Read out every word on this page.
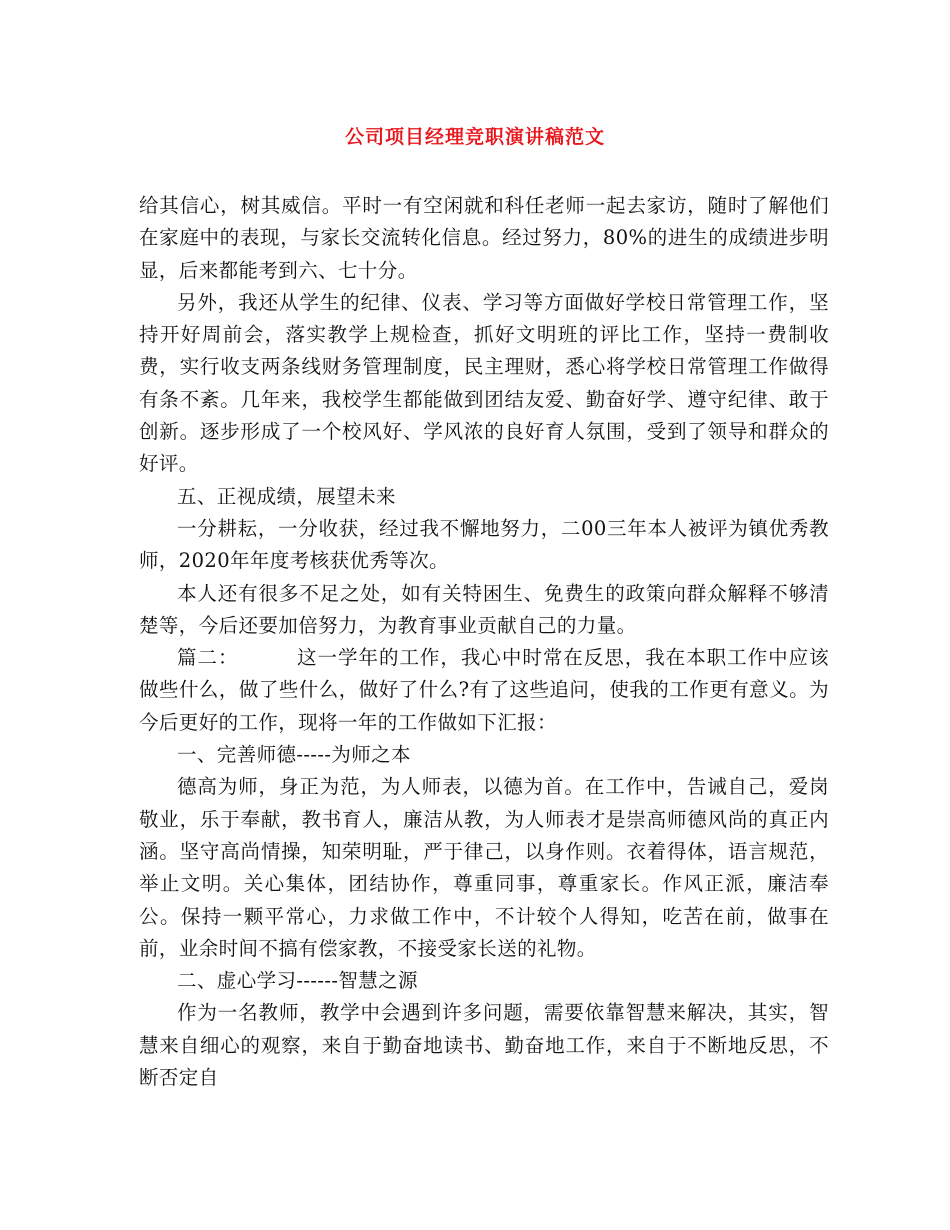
公司项目经理竞职演讲稿范文

给其信心，树其威信。平时一有空闲就和科任老师一起去家访，随时了解他们在家庭中的表现，与家长交流转化信息。经过努力，80%的进生的成绩进步明显，后来都能考到六、七十分。

另外，我还从学生的纪律、仪表、学习等方面做好学校日常管理工作，坚持开好周前会，落实教学上规检查，抓好文明班的评比工作，坚持一费制收费，实行收支两条线财务管理制度，民主理财，悉心将学校日常管理工作做得有条不紊。几年来，我校学生都能做到团结友爱、勤奋好学、遵守纪律、敢于创新。逐步形成了一个校风好、学风浓的良好育人氛围，受到了领导和群众的好评。

五、正视成绩，展望未来

一分耕耘，一分收获，经过我不懈地努力，二00三年本人被评为镇优秀教师，2020年年度考核获优秀等次。

本人还有很多不足之处，如有关特困生、免费生的政策向群众解释不够清楚等，今后还要加倍努力，为教育事业贡献自己的力量。

篇二：	这一学年的工作，我心中时常在反思，我在本职工作中应该做些什么，做了些什么，做好了什么?有了这些追问，使我的工作更有意义。为今后更好的工作，现将一年的工作做如下汇报：

一、完善师德-----为师之本

德高为师，身正为范，为人师表，以德为首。在工作中，告诫自己，爱岗敬业，乐于奉献，教书育人，廉洁从教，为人师表才是崇高师德风尚的真正内涵。坚守高尚情操，知荣明耻，严于律己，以身作则。衣着得体，语言规范，举止文明。关心集体，团结协作，尊重同事，尊重家长。作风正派，廉洁奉公。保持一颗平常心，力求做工作中，不计较个人得知，吃苦在前，做事在前，业余时间不搞有偿家教，不接受家长送的礼物。

二、虚心学习------智慧之源

作为一名教师，教学中会遇到许多问题，需要依靠智慧来解决，其实，智慧来自细心的观察，来自于勤奋地读书、勤奋地工作，来自于不断地反思，不断否定自
